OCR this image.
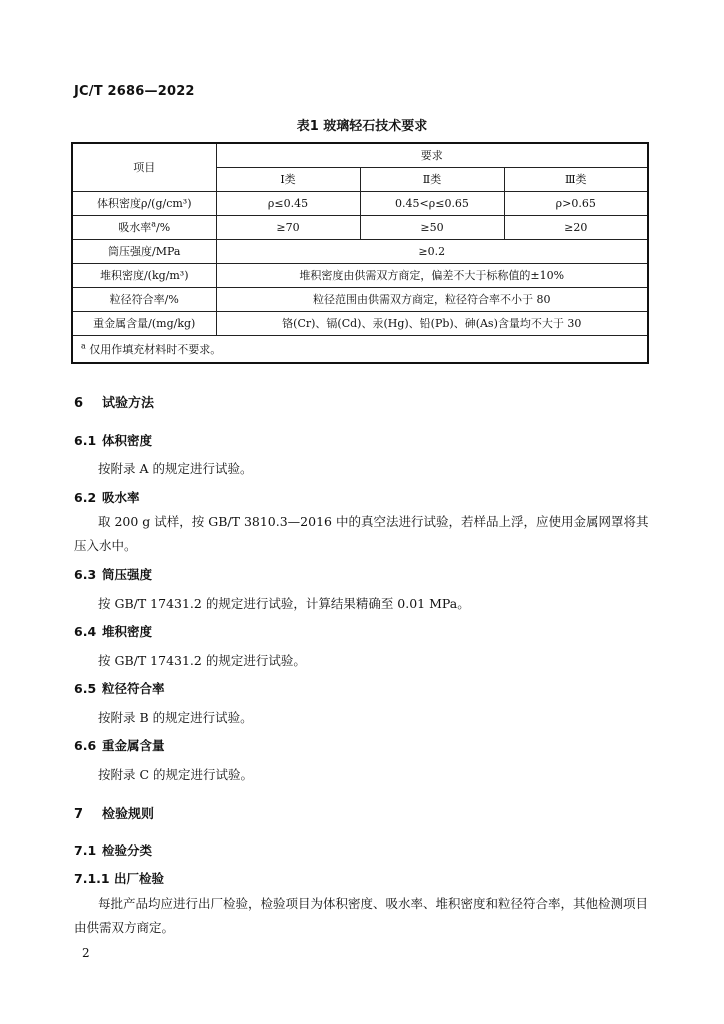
JC/T 2686—2022
表1 玻璃轻石技术要求
项目	要求		
	Ⅰ类	Ⅱ类	Ⅲ类
体积密度ρ/(g/cm³)	ρ≤0.45	0.45<ρ≤0.65	ρ>0.65
吸水率$^a$/%	≥70	≥50	≥20
筒压强度/MPa	≥0.2		
堆积密度/(kg/m³)	堆积密度由供需双方商定，偏差不大于标称值的±10%		
粒径符合率/%	粒径范围由供需双方商定，粒径符合率不小于 80		
重金属含量/(mg/kg)	铬(Cr)、镉(Cd)、汞(Hg)、铅(Pb)、砷(As)含量均不大于 30		
$^a$ 仅用作填充材料时不要求。			
6 试验方法
6.1 体积密度
按附录 A 的规定进行试验。
6.2 吸水率
取 200 g 试样，按 GB/T 3810.3—2016 中的真空法进行试验，若样品上浮，应使用金属网罩将其压入水中。
6.3 筒压强度
按 GB/T 17431.2 的规定进行试验，计算结果精确至 0.01 MPa。
6.4 堆积密度
按 GB/T 17431.2 的规定进行试验。
6.5 粒径符合率
按附录 B 的规定进行试验。
6.6 重金属含量
按附录 C 的规定进行试验。
7 检验规则
7.1 检验分类
7.1.1 出厂检验
每批产品均应进行出厂检验，检验项目为体积密度、吸水率、堆积密度和粒径符合率，其他检测项目由供需双方商定。
2
